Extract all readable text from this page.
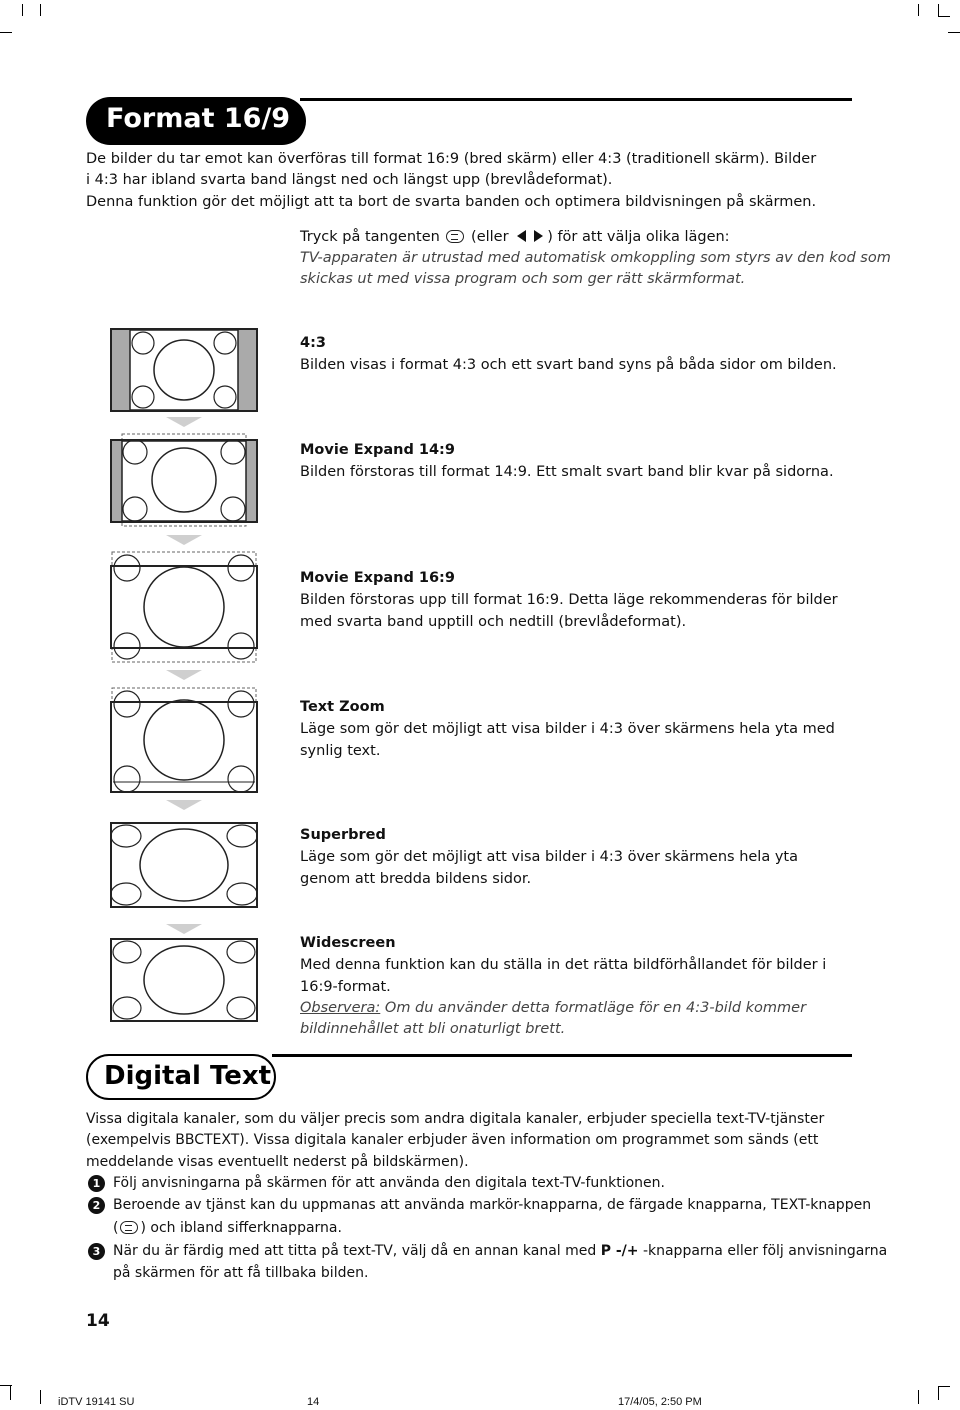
Format 16/9
De bilder du tar emot kan överföras till format 16:9 (bred skärm) eller 4:3 (traditionell skärm). Bilder
i 4:3 har ibland svarta band längst ned och längst upp (brevlådeformat).
Denna funktion gör det möjligt att ta bort de svarta banden och optimera bildvisningen på skärmen.
Tryck på tangenten (eller	) för att välja olika lägen:
TV-apparaten är utrustad med automatisk omkoppling som styrs av den kod som
skickas ut med vissa program och som ger rätt skärmformat.
4:3
Bilden visas i format 4:3 och ett svart band syns på båda sidor om bilden.
Movie Expand 14:9
Bilden förstoras till format 14:9. Ett smalt svart band blir kvar på sidorna.
Movie Expand 16:9
Bilden förstoras upp till format 16:9. Detta läge rekommenderas för bilder
med svarta band upptill och nedtill (brevlådeformat).
Text Zoom
Läge som gör det möjligt att visa bilder i 4:3 över skärmens hela yta med
synlig text.
Superbred
Läge som gör det möjligt att visa bilder i 4:3 över skärmens hela yta
genom att bredda bildens sidor.
Widescreen
Med denna funktion kan du ställa in det rätta bildförhållandet för bilder i
16:9-format.
Observera: Om du använder detta formatläge för en 4:3-bild kommer
bildinnehållet att bli onaturligt brett.
Digital Text
Vissa digitala kanaler, som du väljer precis som andra digitala kanaler, erbjuder speciella text-TV-tjänster
(exempelvis BBCTEXT). Vissa digitala kanaler erbjuder även information om programmet som sänds (ett
meddelande visas eventuellt nederst på bildskärmen).
1 Följ anvisningarna på skärmen för att använda den digitala text-TV-funktionen.
2 Beroende av tjänst kan du uppmanas att använda markör-knapparna, de färgade knapparna, TEXT-knappen
( ) och ibland sifferknapparna.
3 När du är färdig med att titta på text-TV, välj då en annan kanal med P -/+ -knapparna eller följ anvisningarna
på skärmen för att få tillbaka bilden.
14
iDTV 19141 SU	14	17/4/05, 2:50 PM
